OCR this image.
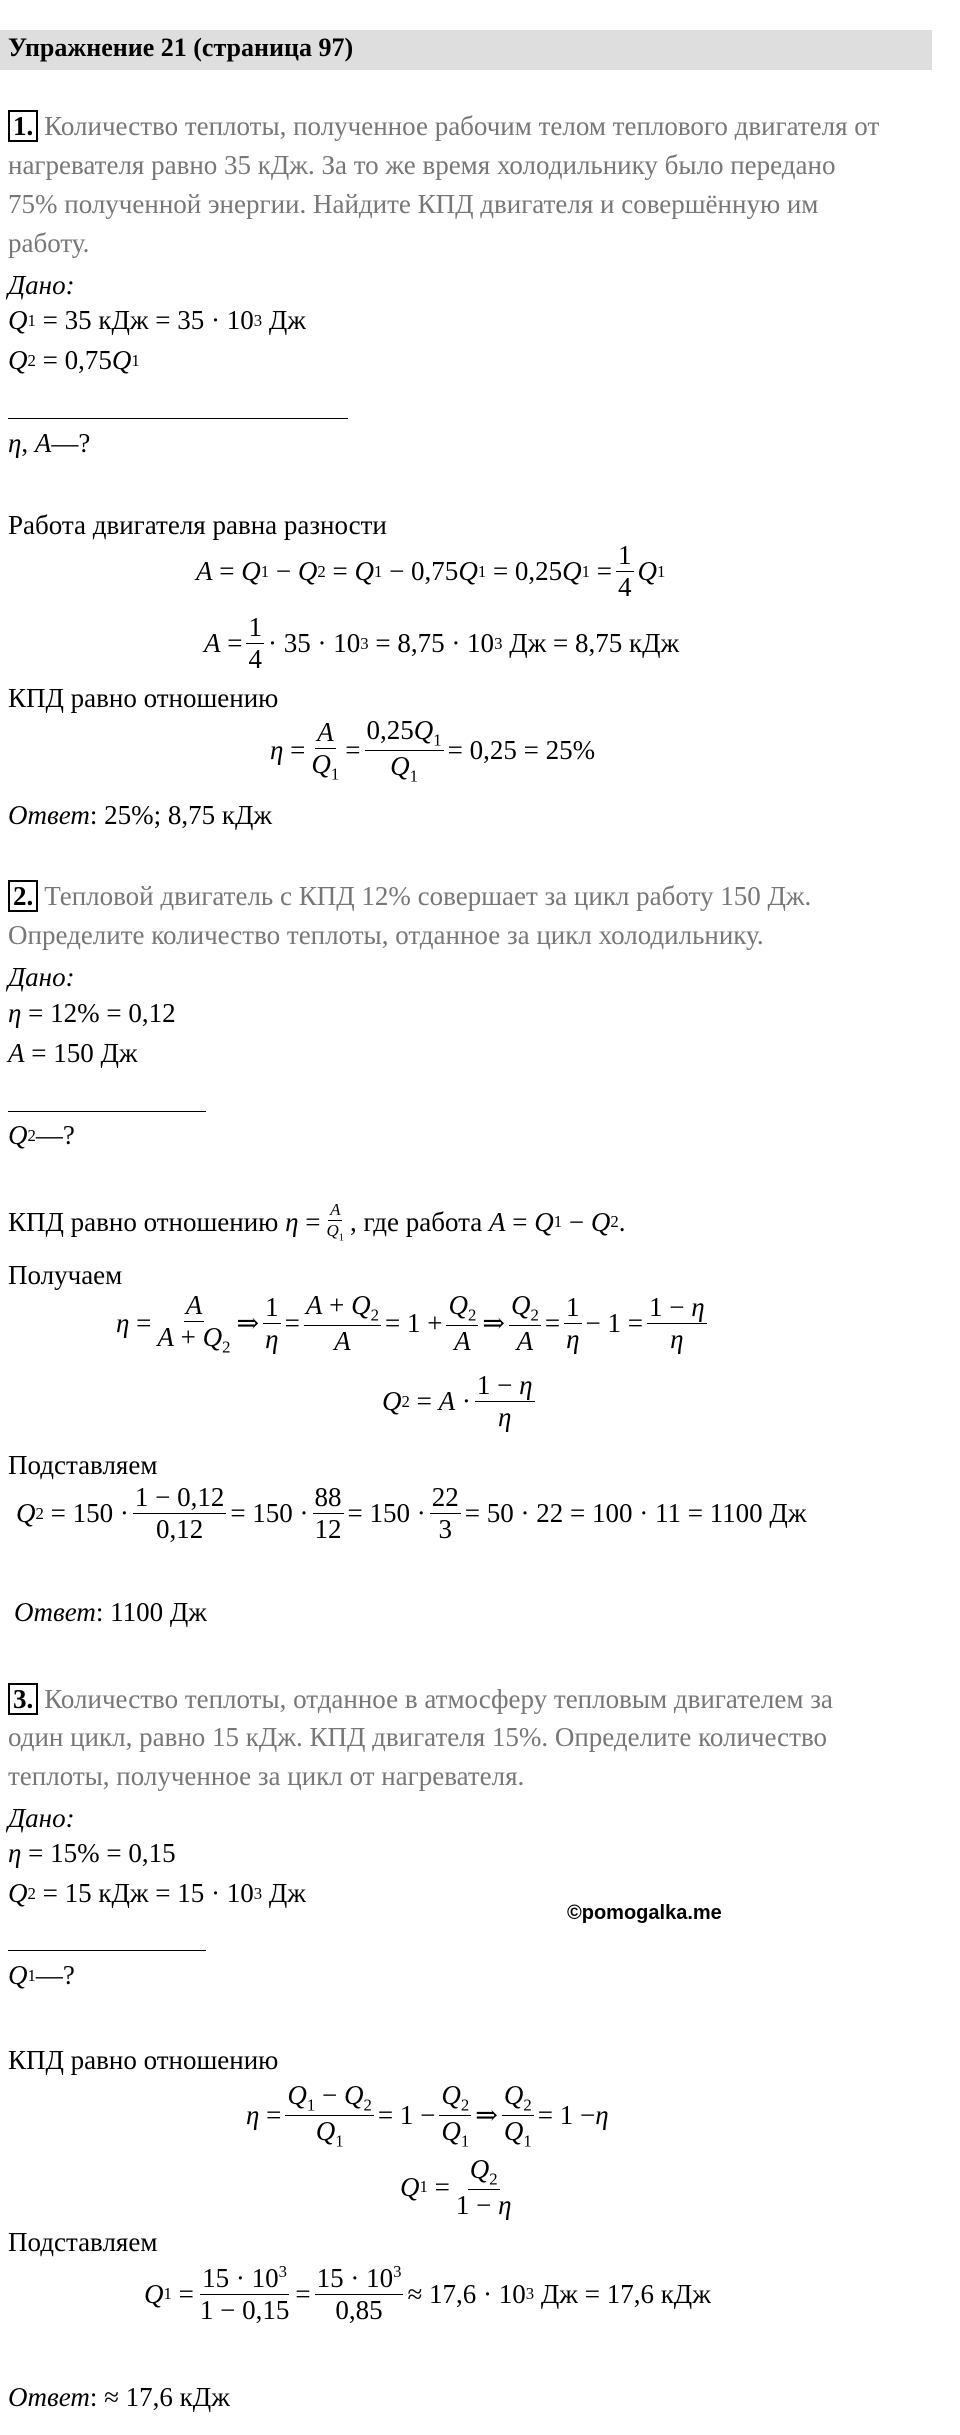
Упражнение 21 (страница 97)
1. Количество теплоты, полученное рабочим телом теплового двигателя от
нагревателя равно 35 кДж. За то же время холодильнику было передано
75% полученной энергии. Найдите КПД двигателя и совершённую им
работу.
Дано:
Q 1 = 35 кДж = 35 · 10 3 Дж
Q 2 = 0,75 Q 1
η , A —?
Работа двигателя равна разности
A = Q 1 − Q 2 = Q 1 − 0,75 Q 1 = 0,25 Q $1 = \frac{1}{4}$ Q 1
$A = \frac{1}{4} \cdot 35 \cdot 10$ 3 = 8,75 · 10 3 Дж = 8,75 кДж
КПД равно отношению
$\eta = \frac{A}{Q_1} = \frac{0,25Q_1}{Q_1} = 0,25 = 25\%$
Ответ: 25%; 8,75 кДж
2. Тепловой двигатель с КПД 12% совершает за цикл работу 150 Дж.
Определите количество теплоты, отданное за цикл холодильнику.
Дано:
η = 12% = 0,12
A = 150 Дж
Q 2 —?
КПД равно отношению
$\eta = \frac{A}{Q_1}$ , где работа
A = Q 1 − Q 2 .
Получаем
$\eta = \frac{A}{A + Q_2}$ ⇒ $\frac{1}{\eta} = \frac{A + Q_2}{A} = 1 + \frac{Q_2}{A}$ ⇒ $\frac{Q_2}{A} = \frac{1}{\eta} - 1 = \frac{1 - \eta}{\eta}$
Q $2 = A \cdot \frac{1 - \eta}{\eta}$
Подставляем
Q $2 = 150 \cdot \frac{1 - 0,12}{0,12} = 150 \cdot \frac{88}{12} = 150 \cdot \frac{22}{3} = 50 \cdot 22 = 100 \cdot 11 = 1100$ Дж
Ответ: 1100 Дж
3. Количество теплоты, отданное в атмосферу тепловым двигателем за
один цикл, равно 15 кДж. КПД двигателя 15%. Определите количество
теплоты, полученное за цикл от нагревателя.
Дано:
η = 15% = 0,15
Q 2 = 15 кДж = 15 · 10 3 Дж
©pomogalka.me
Q 1 —?
КПД равно отношению
$\eta = \frac{Q_1 - Q_2}{Q_1} = 1 - \frac{Q_2}{Q_1}$ ⇒ $\frac{Q_2}{Q_1} = 1 - \eta$
Q $1 = \frac{Q_2}{1 - \eta}$
Подставляем
Q $1 = \frac{15 \cdot 10^3}{1 - 0,15} = \frac{15 \cdot 10^3}{0,85} \approx 17,6 \cdot 10$ 3 Дж = 17,6 кДж
Ответ: ≈ 17,6 кДж
